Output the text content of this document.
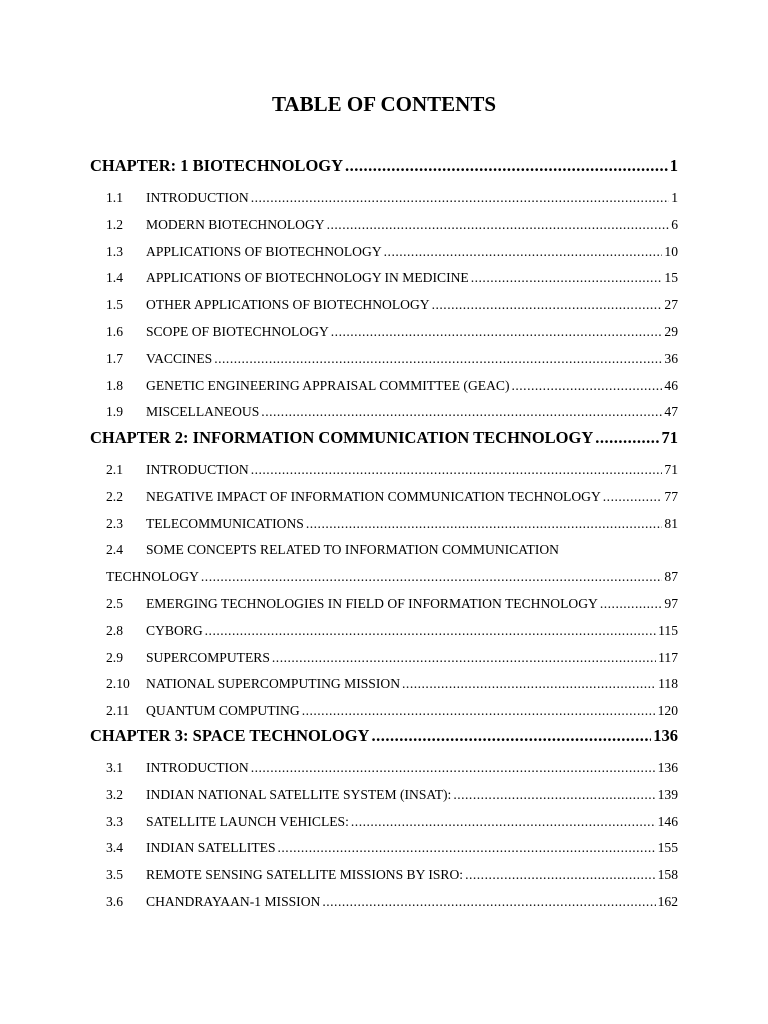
TABLE OF CONTENTS
CHAPTER: 1 BIOTECHNOLOGY .....	1
1.1	INTRODUCTION .....	1
1.2	MODERN BIOTECHNOLOGY .....	6
1.3	APPLICATIONS OF BIOTECHNOLOGY .....	10
1.4	APPLICATIONS OF BIOTECHNOLOGY IN MEDICINE .....	15
1.5	OTHER APPLICATIONS OF BIOTECHNOLOGY .....	27
1.6	SCOPE OF BIOTECHNOLOGY .....	29
1.7	VACCINES .....	36
1.8	GENETIC ENGINEERING APPRAISAL COMMITTEE (GEAC) .....	46
1.9	MISCELLANEOUS .....	47
CHAPTER 2: INFORMATION COMMUNICATION TECHNOLOGY .....	71
2.1	INTRODUCTION .....	71
2.2	NEGATIVE IMPACT OF INFORMATION COMMUNICATION TECHNOLOGY .....	77
2.3	TELECOMMUNICATIONS .....	81
2.4 SOME CONCEPTS RELATED TO INFORMATION COMMUNICATION
TECHNOLOGY .....	87
2.5	EMERGING TECHNOLOGIES IN FIELD OF INFORMATION TECHNOLOGY .....	97
2.8	CYBORG .....	115
2.9	SUPERCOMPUTERS .....	117
2.10	NATIONAL SUPERCOMPUTING MISSION .....	118
2.11	QUANTUM COMPUTING .....	120
CHAPTER 3: SPACE TECHNOLOGY .....	136
3.1	INTRODUCTION .....	136
3.2	INDIAN NATIONAL SATELLITE SYSTEM (INSAT): .....	139
3.3	SATELLITE LAUNCH VEHICLES: .....	146
3.4	INDIAN SATELLITES .....	155
3.5	REMOTE SENSING SATELLITE MISSIONS BY ISRO: .....	158
3.6	CHANDRAYAAN-1 MISSION .....	162
